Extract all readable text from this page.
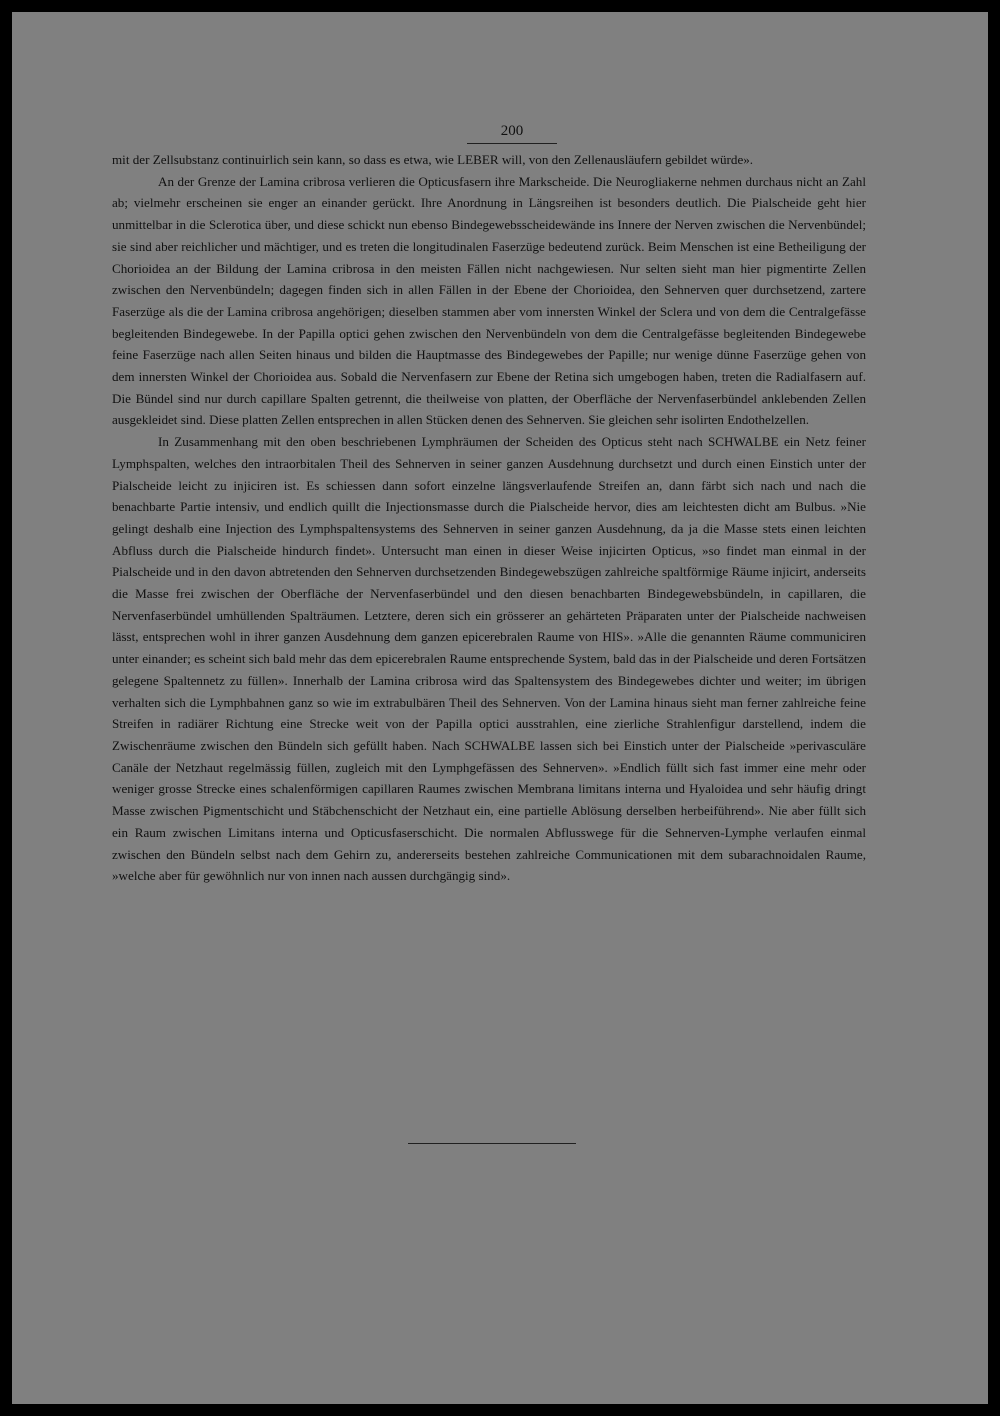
200

mit der Zellsubstanz continuirlich sein kann, so dass es etwa, wie LEBER will, von den Zellenausläufern gebildet würde».

An der Grenze der Lamina cribrosa verlieren die Opticusfasern ihre Markscheide. Die Neurogliakerne nehmen durchaus nicht an Zahl ab; vielmehr erscheinen sie enger an einander gerückt. Ihre Anordnung in Längsreihen ist besonders deutlich. Die Pialscheide geht hier unmittelbar in die Sclerotica über, und diese schickt nun ebenso Bindegewebsscheidewände ins Innere der Nerven zwischen die Nervenbündel; sie sind aber reichlicher und mächtiger, und es treten die longitudinalen Faserzüge bedeutend zurück. Beim Menschen ist eine Betheiligung der Chorioidea an der Bildung der Lamina cribrosa in den meisten Fällen nicht nachgewiesen. Nur selten sieht man hier pigmentirte Zellen zwischen den Nervenbündeln; dagegen finden sich in allen Fällen in der Ebene der Chorioidea, den Sehnerven quer durchsetzend, zartere Faserzüge als die der Lamina cribrosa angehörigen; dieselben stammen aber vom innersten Winkel der Sclera und von dem die Centralgefässe begleitenden Bindegewebe. In der Papilla optici gehen zwischen den Nervenbündeln von dem die Centralgefässe begleitenden Bindegewebe feine Faserzüge nach allen Seiten hinaus und bilden die Hauptmasse des Bindegewebes der Papille; nur wenige dünne Faserzüge gehen von dem innersten Winkel der Chorioidea aus. Sobald die Nervenfasern zur Ebene der Retina sich umgebogen haben, treten die Radialfasern auf. Die Bündel sind nur durch capillare Spalten getrennt, die theilweise von platten, der Oberfläche der Nervenfaserbündel anklebenden Zellen ausgekleidet sind. Diese platten Zellen entsprechen in allen Stücken denen des Sehnerven. Sie gleichen sehr isolirten Endothelzellen.

In Zusammenhang mit den oben beschriebenen Lymphräumen der Scheiden des Opticus steht nach SCHWALBE ein Netz feiner Lymphspalten, welches den intraorbitalen Theil des Sehnerven in seiner ganzen Ausdehnung durchsetzt und durch einen Einstich unter der Pialscheide leicht zu injiciren ist. Es schiessen dann sofort einzelne längsverlaufende Streifen an, dann färbt sich nach und nach die benachbarte Partie intensiv, und endlich quillt die Injectionsmasse durch die Pialscheide hervor, dies am leichtesten dicht am Bulbus. »Nie gelingt deshalb eine Injection des Lymphspaltensystems des Sehnerven in seiner ganzen Ausdehnung, da ja die Masse stets einen leichten Abfluss durch die Pialscheide hindurch findet». Untersucht man einen in dieser Weise injicirten Opticus, »so findet man einmal in der Pialscheide und in den davon abtretenden den Sehnerven durchsetzenden Bindegewebszügen zahlreiche spaltförmige Räume injicirt, anderseits die Masse frei zwischen der Oberfläche der Nervenfaserbündel und den diesen benachbarten Bindegewebsbündeln, in capillaren, die Nervenfaserbündel umhüllenden Spalträumen. Letztere, deren sich ein grösserer an gehärteten Präparaten unter der Pialscheide nachweisen lässt, entsprechen wohl in ihrer ganzen Ausdehnung dem ganzen epicerebralen Raume von HIS». »Alle die genannten Räume communiciren unter einander; es scheint sich bald mehr das dem epicerebralen Raume entsprechende System, bald das in der Pialscheide und deren Fortsätzen gelegene Spaltennetz zu füllen». Innerhalb der Lamina cribrosa wird das Spaltensystem des Bindegewebes dichter und weiter; im übrigen verhalten sich die Lymphbahnen ganz so wie im extrabulbären Theil des Sehnerven. Von der Lamina hinaus sieht man ferner zahlreiche feine Streifen in radiärer Richtung eine Strecke weit von der Papilla optici ausstrahlen, eine zierliche Strahlenfigur darstellend, indem die Zwischenräume zwischen den Bündeln sich gefüllt haben. Nach SCHWALBE lassen sich bei Einstich unter der Pialscheide »perivasculäre Canäle der Netzhaut regelmässig füllen, zugleich mit den Lymphgefässen des Sehnerven». »Endlich füllt sich fast immer eine mehr oder weniger grosse Strecke eines schalenförmigen capillaren Raumes zwischen Membrana limitans interna und Hyaloidea und sehr häufig dringt Masse zwischen Pigmentschicht und Stäbchenschicht der Netzhaut ein, eine partielle Ablösung derselben herbeiführend». Nie aber füllt sich ein Raum zwischen Limitans interna und Opticusfaserschicht. Die normalen Abflusswege für die Sehnerven-Lymphe verlaufen einmal zwischen den Bündeln selbst nach dem Gehirn zu, andererseits bestehen zahlreiche Communicationen mit dem subarachnoidalen Raume, »welche aber für gewöhnlich nur von innen nach aussen durchgängig sind».
